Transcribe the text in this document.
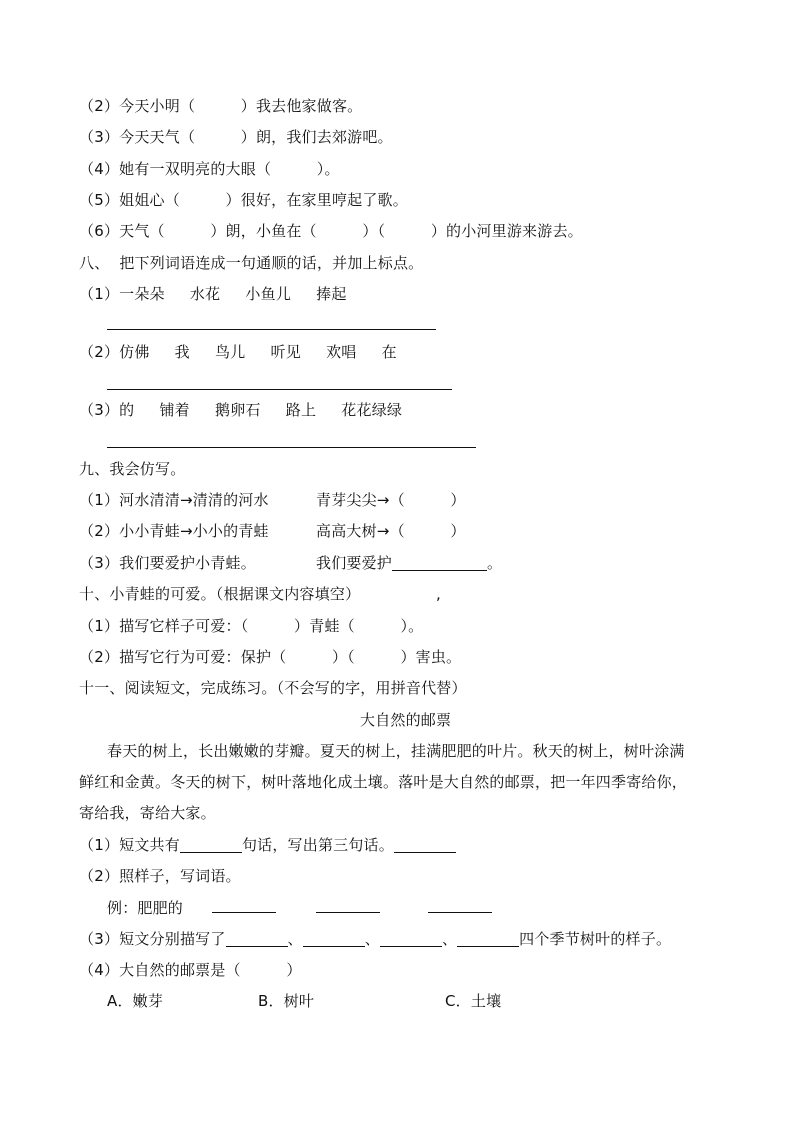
（2）今天小明（　　　）我去他家做客。
（3）今天天气（　　　）朗，我们去郊游吧。
（4）她有一双明亮的大眼（　　　）。
（5）姐姐心（　　　）很好，在家里哼起了歌。
（6）天气（　　　）朗，小鱼在（　　　）（　　　）的小河里游来游去。
八、  把下列词语连成一句通顺的话，并加上标点。
（1）一朵朵　  水花　  小鱼儿　  捧起
（2）仿佛　  我　  鸟儿　  听见　  欢唱　  在
（3）的　  铺着　  鹅卵石　  路上　  花花绿绿
九、我会仿写。
（1）河水清清→清清的河水	青芽尖尖→（　　　）
（2）小小青蛙→小小的青蛙	高高大树→（　　　）
（3）我们要爱护小青蛙。	我们要爱护	。
十、小青蛙的可爱。（根据课文内容填空）	,
（1）描写它样子可爱：（　　　）青蛙（　　　）。
（2）描写它行为可爱：保护（　　　）（　　　）害虫。
十一、阅读短文，完成练习。（不会写的字，用拼音代替）
大自然的邮票
春天的树上，长出嫩嫩的芽瓣。夏天的树上，挂满肥肥的叶片。秋天的树上，树叶涂满
鲜红和金黄。冬天的树下，树叶落地化成土壤。落叶是大自然的邮票，把一年四季寄给你，
寄给我，寄给大家。
（1）短文共有	句话，写出第三句话。
（2）照样子，写词语。
例：肥肥的
（3）短文分别描写了	、	、	、	四个季节树叶的样子。
（4）大自然的邮票是（　　　）
A．嫩芽	B．树叶	C．土壤
